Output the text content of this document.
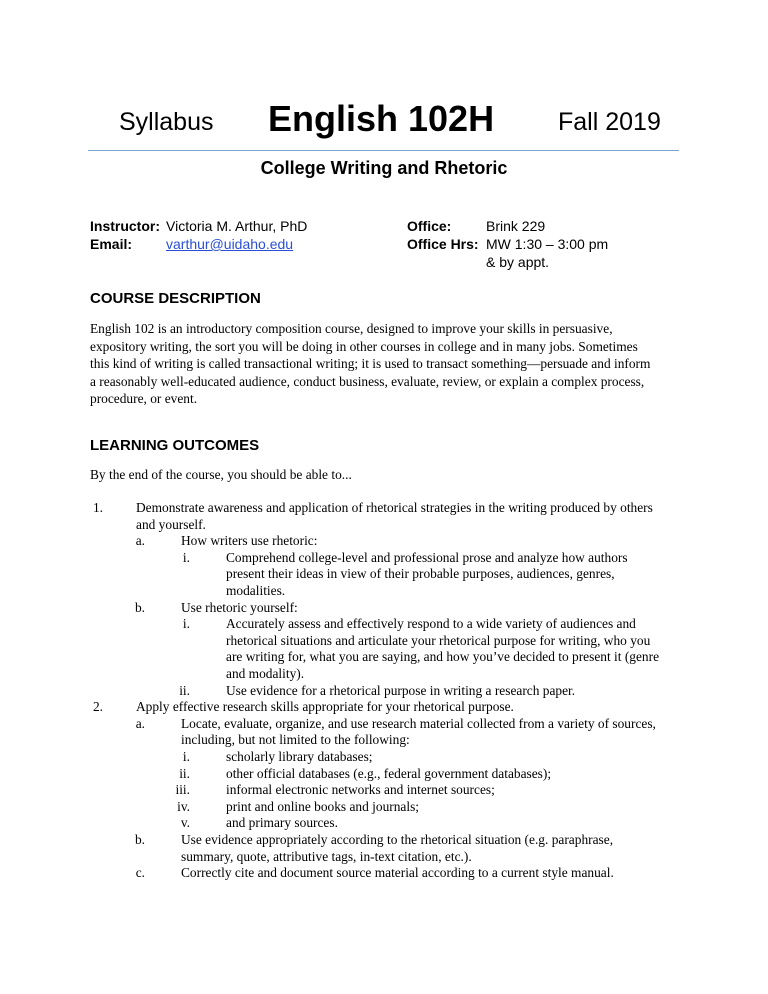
Syllabus English 102H	Fall 2019
College Writing and Rhetoric
Instructor: Victoria M. Arthur, PhD
Email: varthur@uidaho.edu
Office: Brink 229
Office Hrs: MW 1:30 – 3:00 pm
& by appt.
COURSE DESCRIPTION
English 102 is an introductory composition course, designed to improve your skills in persuasive,
expository writing, the sort you will be doing in other courses in college and in many jobs. Sometimes
this kind of writing is called transactional writing; it is used to transact something—persuade and inform
a reasonably well-educated audience, conduct business, evaluate, review, or explain a complex process,
procedure, or event.
LEARNING OUTCOMES
By the end of the course, you should be able to...
1. Demonstrate awareness and application of rhetorical strategies in the writing produced by others
and yourself.
a.	How writers use rhetoric:
i.	Comprehend college-level and professional prose and analyze how authors
present their ideas in view of their probable purposes, audiences, genres,
modalities.
b.	Use rhetoric yourself:
i.	Accurately assess and effectively respond to a wide variety of audiences and
rhetorical situations and articulate your rhetorical purpose for writing, who you
are writing for, what you are saying, and how you’ve decided to present it (genre
and modality).
ii.	Use evidence for a rhetorical purpose in writing a research paper.
2. Apply effective research skills appropriate for your rhetorical purpose.
a.	Locate, evaluate, organize, and use research material collected from a variety of sources,
including, but not limited to the following:
i.	scholarly library databases;
ii.	other official databases (e.g., federal government databases);
iii.	informal electronic networks and internet sources;
iv.	print and online books and journals;
v.	and primary sources.
b.	Use evidence appropriately according to the rhetorical situation (e.g. paraphrase,
summary, quote, attributive tags, in-text citation, etc.).
c.	Correctly cite and document source material according to a current style manual.
